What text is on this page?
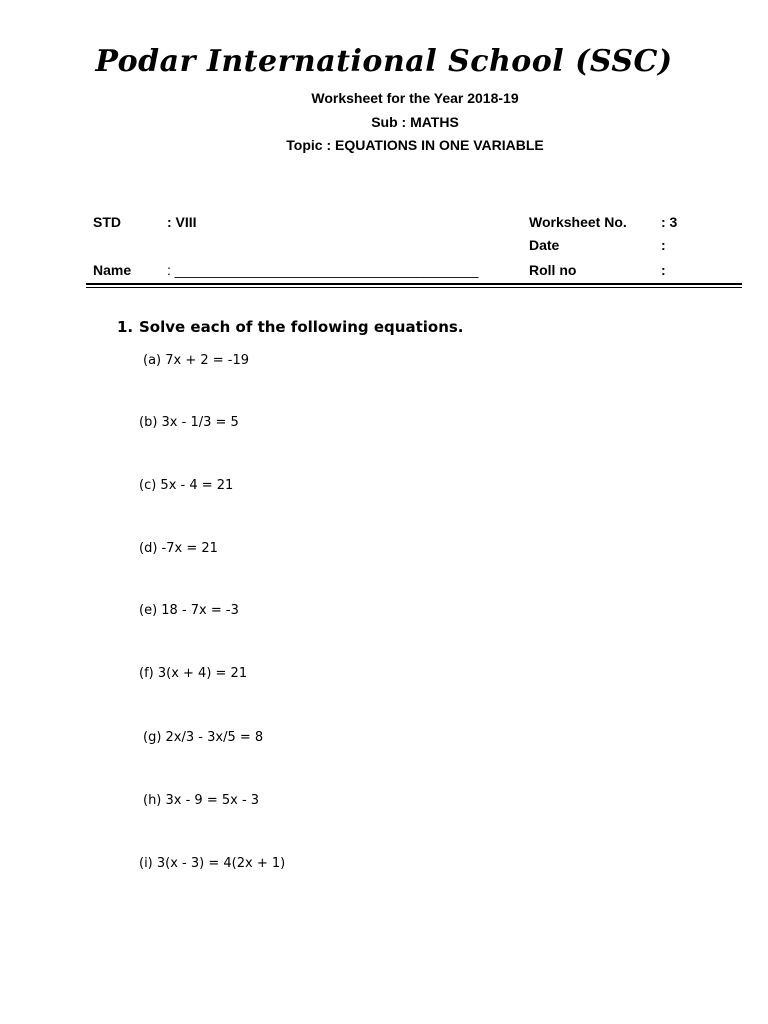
Podar International School (SSC)
Worksheet for the Year 2018-19
Sub : MATHS
Topic : EQUATIONS IN ONE VARIABLE
STD	: VIII
Name	: _______________________________________
Worksheet No. : 3
Date	:
Roll no	:
1. Solve each of the following equations.
(a) 7x + 2 = -19
(b) 3x - 1/3 = 5
(c) 5x - 4 = 21
(d) -7x = 21
(e) 18 - 7x = -3
(f) 3(x + 4) = 21
(g) 2x/3 - 3x/5 = 8
(h) 3x - 9 = 5x - 3
(i) 3(x - 3) = 4(2x + 1)
